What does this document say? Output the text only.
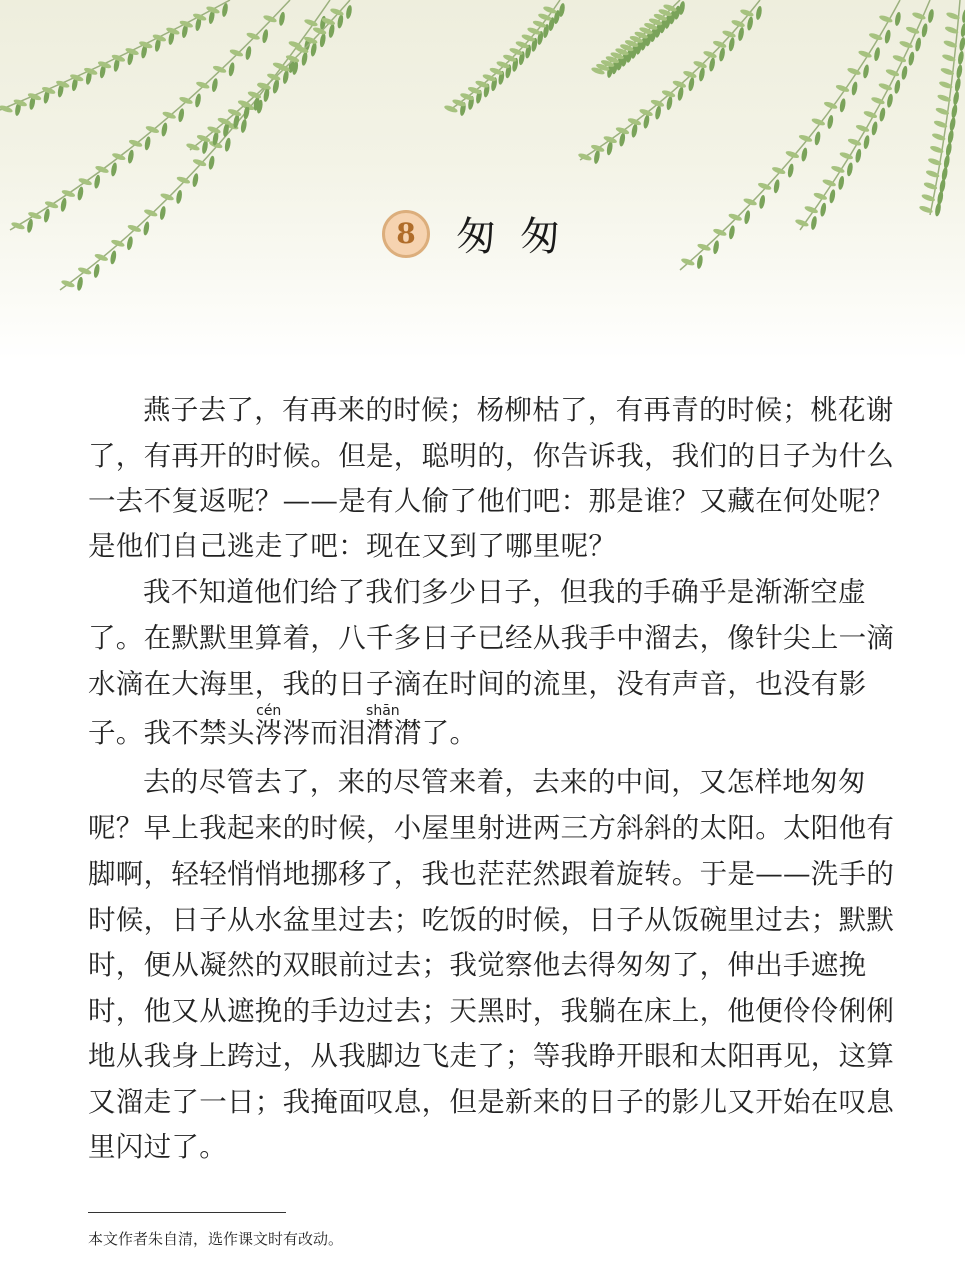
8	匆匆
燕子去了，有再来的时候；杨柳枯了，有再青的时候；桃花谢
了，有再开的时候。但是，聪明的，你告诉我，我们的日子为什么
一去不复返呢？——是有人偷了他们吧：那是谁？又藏在何处呢？
是他们自己逃走了吧：现在又到了哪里呢？
我不知道他们给了我们多少日子，但我的手确乎是渐渐空虚
了。在默默里算着，八千多日子已经从我手中溜去，像针尖上一滴
水滴在大海里，我的日子滴在时间的流里，没有声音，也没有影
子。我不禁头
cén
涔涔而泪
shān
潸潸了。
去的尽管去了，来的尽管来着，去来的中间，又怎样地匆匆
呢？早上我起来的时候，小屋里射进两三方斜斜的太阳。太阳他有
脚啊，轻轻悄悄地挪移了，我也茫茫然跟着旋转。于是——洗手的
时候，日子从水盆里过去；吃饭的时候，日子从饭碗里过去；默默
时，便从凝然的双眼前过去；我觉察他去得匆匆了，伸出手遮挽
时，他又从遮挽的手边过去；天黑时，我躺在床上，他便伶伶俐俐
地从我身上跨过，从我脚边飞走了；等我睁开眼和太阳再见，这算
又溜走了一日；我掩面叹息，但是新来的日子的影儿又开始在叹息
里闪过了。
本文作者朱自清，选作课文时有改动。
